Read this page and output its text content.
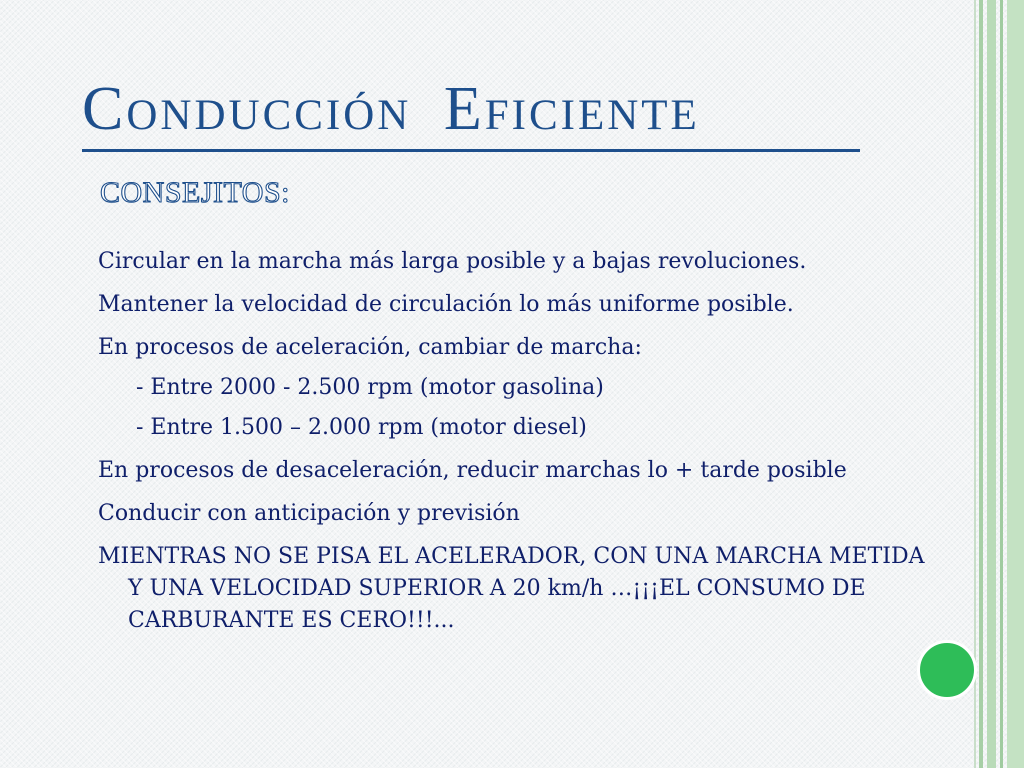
Conducción Eficiente
CONSEJITOS:
Circular en la marcha más larga posible y a bajas revoluciones.
Mantener la velocidad de circulación lo más uniforme posible.
En procesos de aceleración, cambiar de marcha:
- Entre 2000 - 2.500 rpm (motor gasolina)
- Entre 1.500 – 2.000 rpm (motor diesel)
En procesos de desaceleración, reducir marchas lo + tarde posible
Conducir con anticipación y previsión
MIENTRAS NO SE PISA EL ACELERADOR, CON UNA MARCHA METIDA Y UNA VELOCIDAD SUPERIOR A 20 km/h …¡¡¡EL CONSUMO DE CARBURANTE ES CERO!!!...
